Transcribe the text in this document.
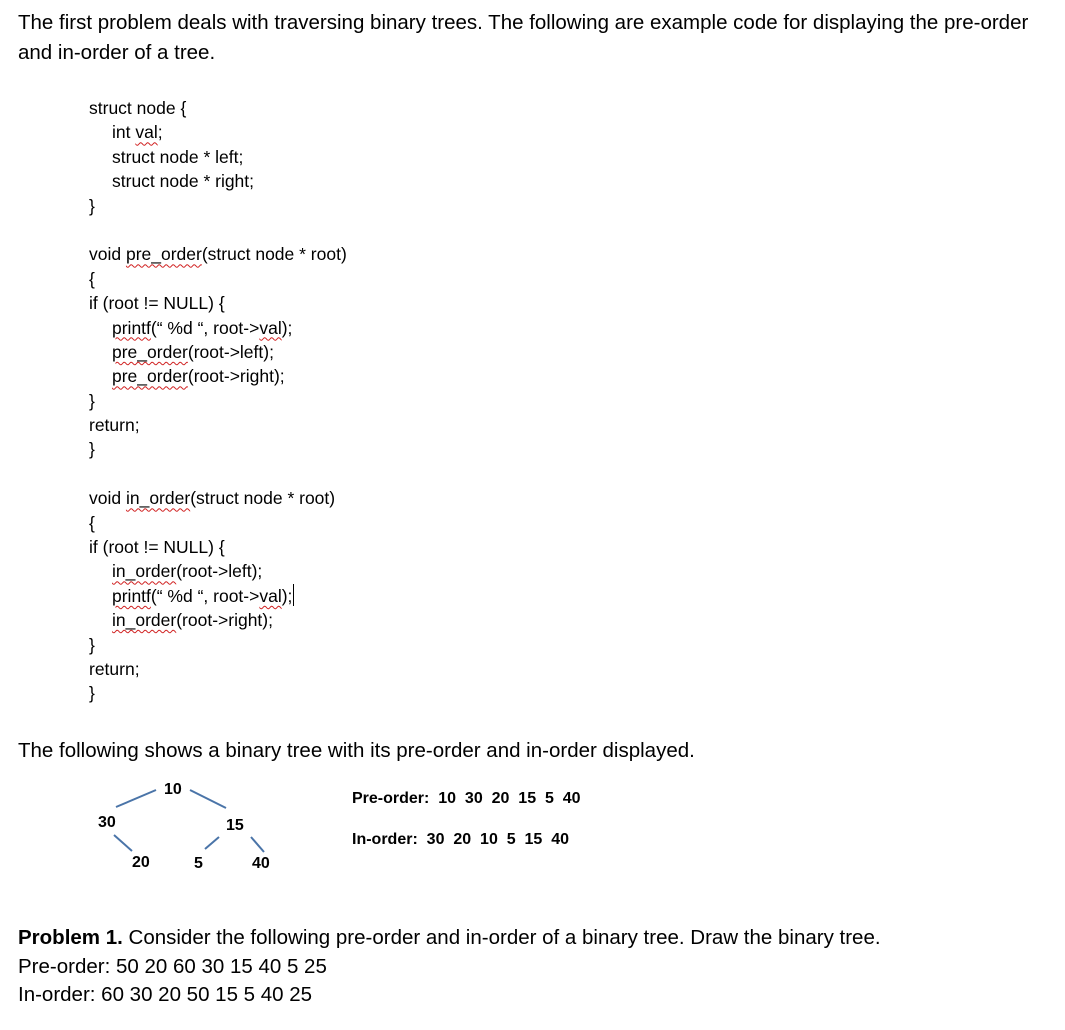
The first problem deals with traversing binary trees. The following are example code for displaying the pre-order and in-order of a tree.

struct node {
int val;
struct node * left;
struct node * right;
}
void pre_order(struct node * root)
{
if (root != NULL) {
printf(“ %d “, root->val);
pre_order(root->left);
pre_order(root->right);
}
return;
}
void in_order(struct node * root)
{
if (root != NULL) {
in_order(root->left);
printf(“ %d “, root->val);
in_order(root->right);
}
return;
}

The following shows a binary tree with its pre-order and in-order displayed.

10
30	15
20	5	40
Pre-order:  10  30  20  15  5  40
In-order:  30  20  10  5  15  40
Problem 1. Consider the following pre-order and in-order of a binary tree. Draw the binary tree.
Pre-order: 50 20 60 30 15 40 5 25
In-order: 60 30 20 50 15 5 40 25
